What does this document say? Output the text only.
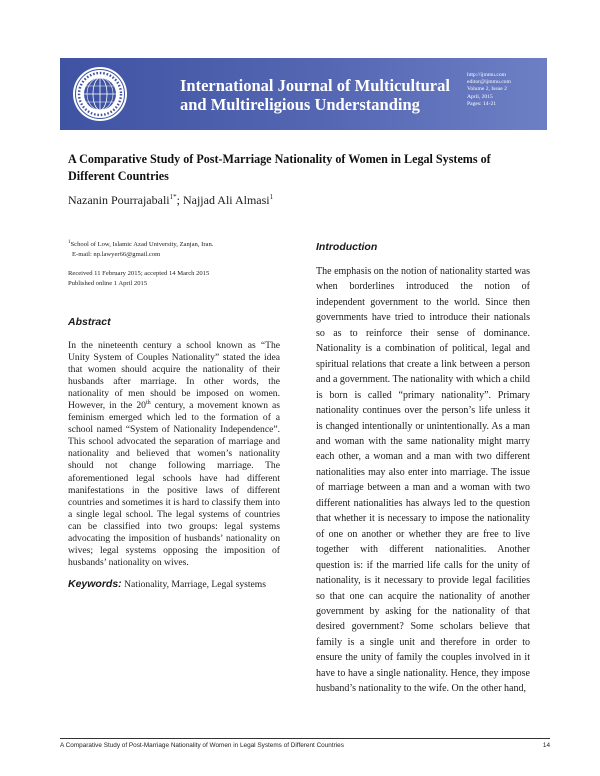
International Journal of Multicultural
and Multireligious Understanding
http://ijmmu.com
editor@ijmmu.com
Volume 2, Issue 2
April, 2015
Pages: 14-21
A Comparative Study of Post-Marriage Nationality of Women in Legal Systems of Different Countries
Nazanin Pourrajabali$^{1*}$; Najjad Ali Almasi$^1$
$^1$School of Low, Islamic Azad University, Zanjan, Iran.
E-mail: np.lawyer66@gmail.com
Received 11 February 2015; accepted 14 March 2015
Published online 1 April 2015
Abstract
In the nineteenth century a school known as “The Unity System of Couples Nationality” stated the idea that women should acquire the nationality of their husbands after marriage. In other words, the nationality of men should be imposed on women. However, in the 20th century, a movement known as feminism emerged which led to the formation of a school named “System of Nationality Independence”. This school advocated the separation of marriage and nationality and believed that women’s nationality should not change following marriage. The aforementioned legal schools have had different manifestations in the positive laws of different countries and sometimes it is hard to classify them into a single legal school. The legal systems of countries can be classified into two groups: legal systems advocating the imposition of husbands’ nationality on wives; legal systems opposing the imposition of husbands’ nationality on wives.
Keywords: Nationality, Marriage, Legal systems
Introduction
The emphasis on the notion of nationality started was when borderlines introduced the notion of independent government to the world. Since then governments have tried to introduce their nationals so as to reinforce their sense of dominance. Nationality is a combination of political, legal and spiritual relations that create a link between a person and a government. The nationality with which a child is born is called “primary nationality”. Primary nationality continues over the person’s life unless it is changed intentionally or unintentionally. As a man and woman with the same nationality might marry each other, a woman and a man with two different nationalities may also enter into marriage. The issue of marriage between a man and a woman with two different nationalities has always led to the question that whether it is necessary to impose the nationality of one on another or whether they are free to live together with different nationalities. Another question is: if the married life calls for the unity of nationality, is it necessary to provide legal facilities so that one can acquire the nationality of another government by asking for the nationality of that desired government? Some scholars believe that family is a single unit and therefore in order to ensure the unity of family the couples involved in it have to have a single nationality. Hence, they impose husband’s nationality to the wife. On the other hand,
A Comparative Study of Post-Marriage Nationality of Women in Legal Systems of Different Countries	14
